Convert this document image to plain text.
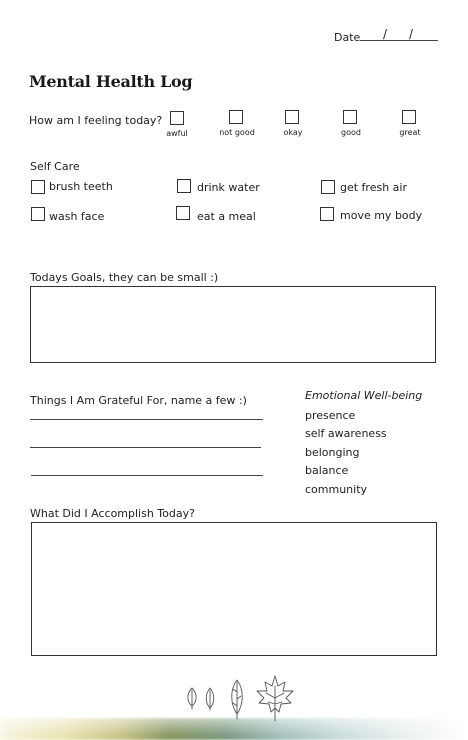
Date / /
Mental Health Log
How am I feeling today?
awful	not good	okay	good	great
Self Care
brush teeth	drink water	get fresh air
wash face	eat a meal	move my body
Todays Goals, they can be small :)
Things I Am Grateful For, name a few :)	Emotional Well-being
presence
self awareness
belonging
balance
community
What Did I Accomplish Today?
